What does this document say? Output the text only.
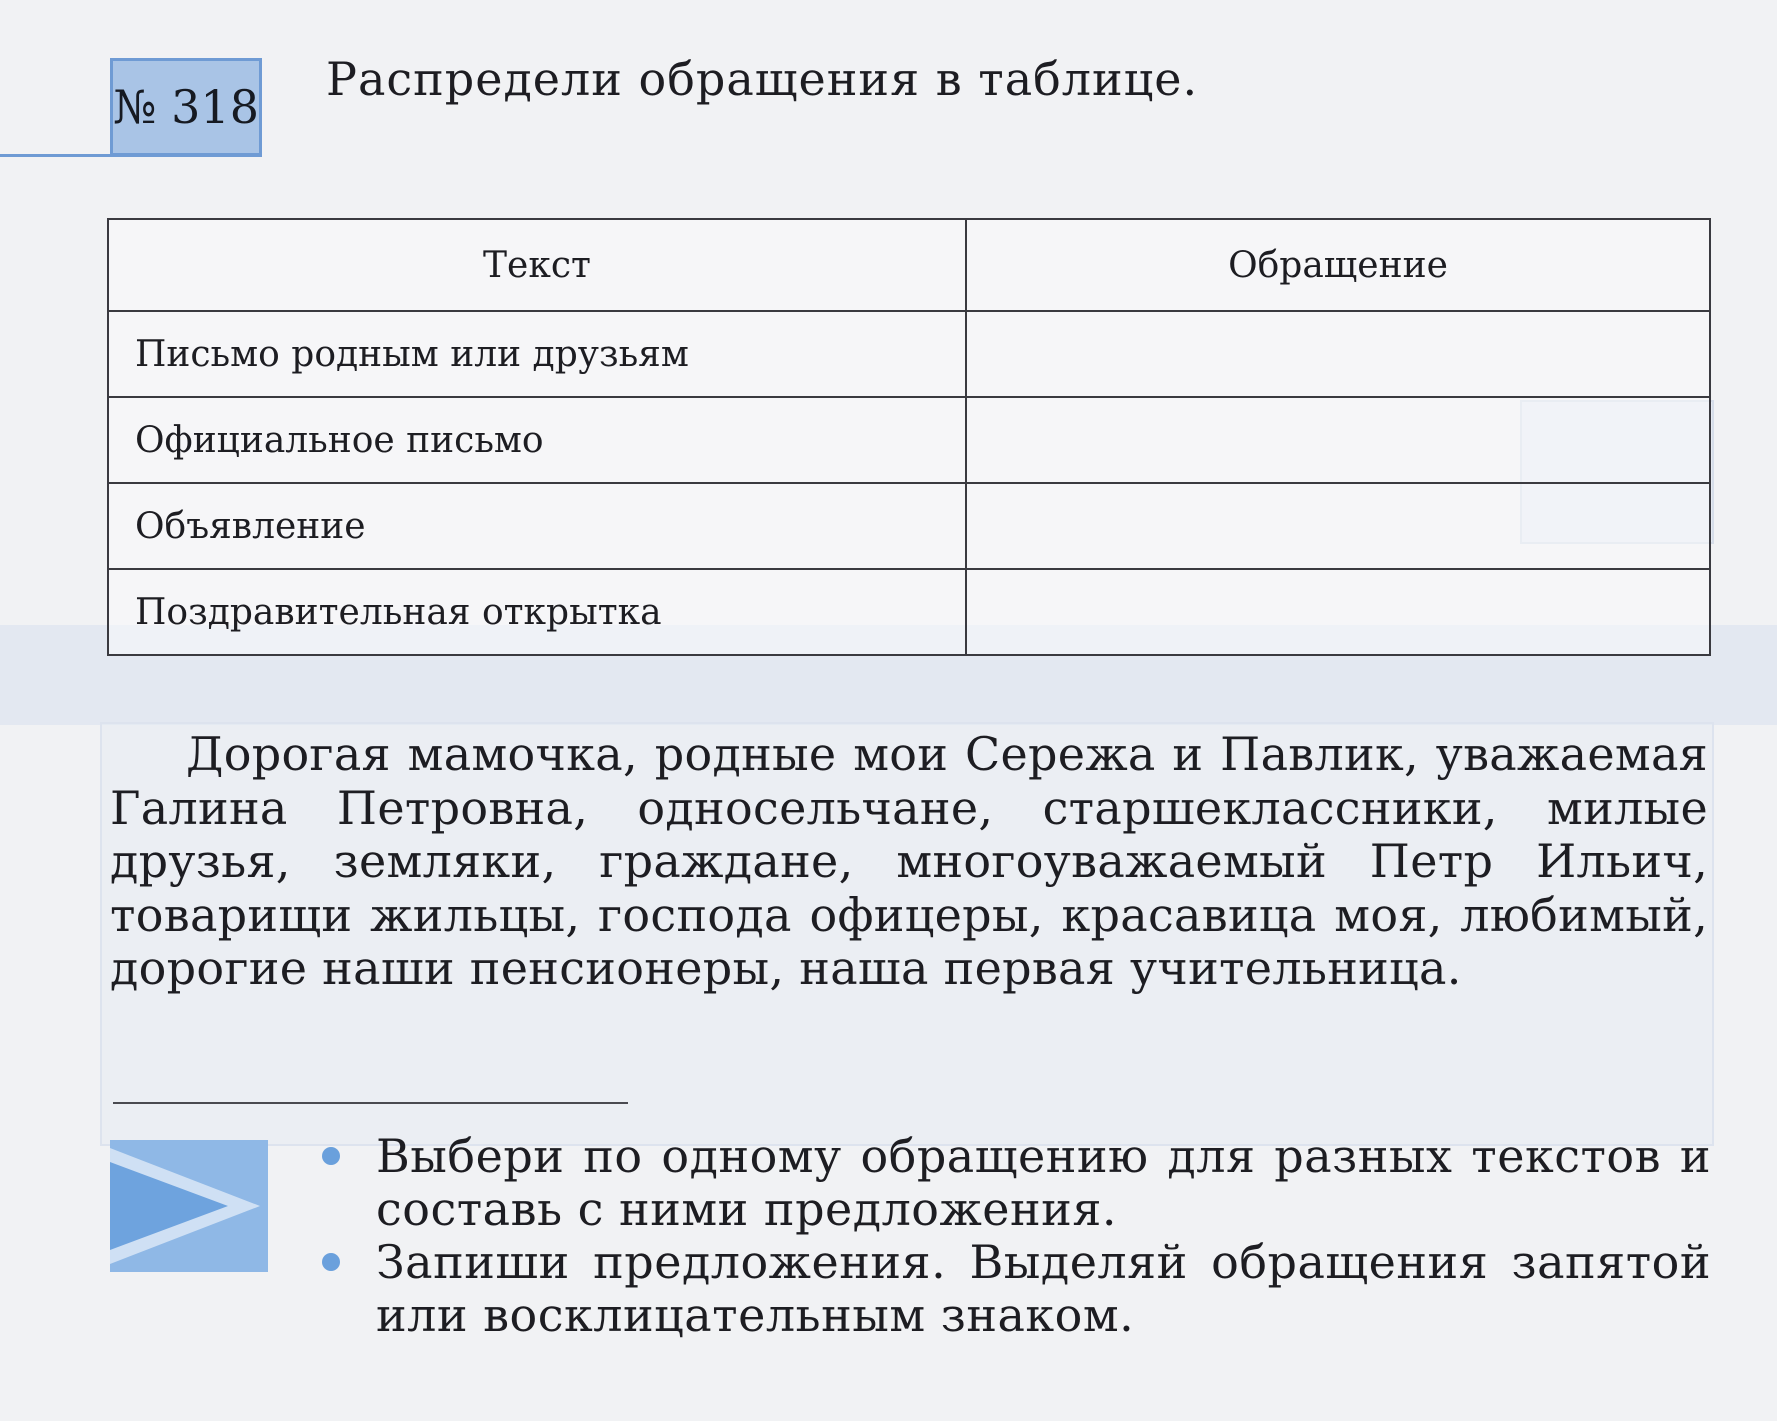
№ 318
Распредели обращения в таблице.
Текст	Обращение
Письмо родным или друзьям	
Официальное письмо	
Объявление	
Поздравительная открытка	
Дорогая мамочка, родные мои Сережа и Павлик, уважаемая Галина Петровна, односельчане, старшеклассники, милые друзья, земляки, граждане, многоуважаемый Петр Ильич, товарищи жильцы, господа офицеры, красавица моя, любимый, дорогие наши пенсионеры, наша первая учительница.
Выбери по одному обращению для разных текстов и составь с ними предложения.
Запиши предложения. Выделяй обращения запятой или восклицательным знаком.
